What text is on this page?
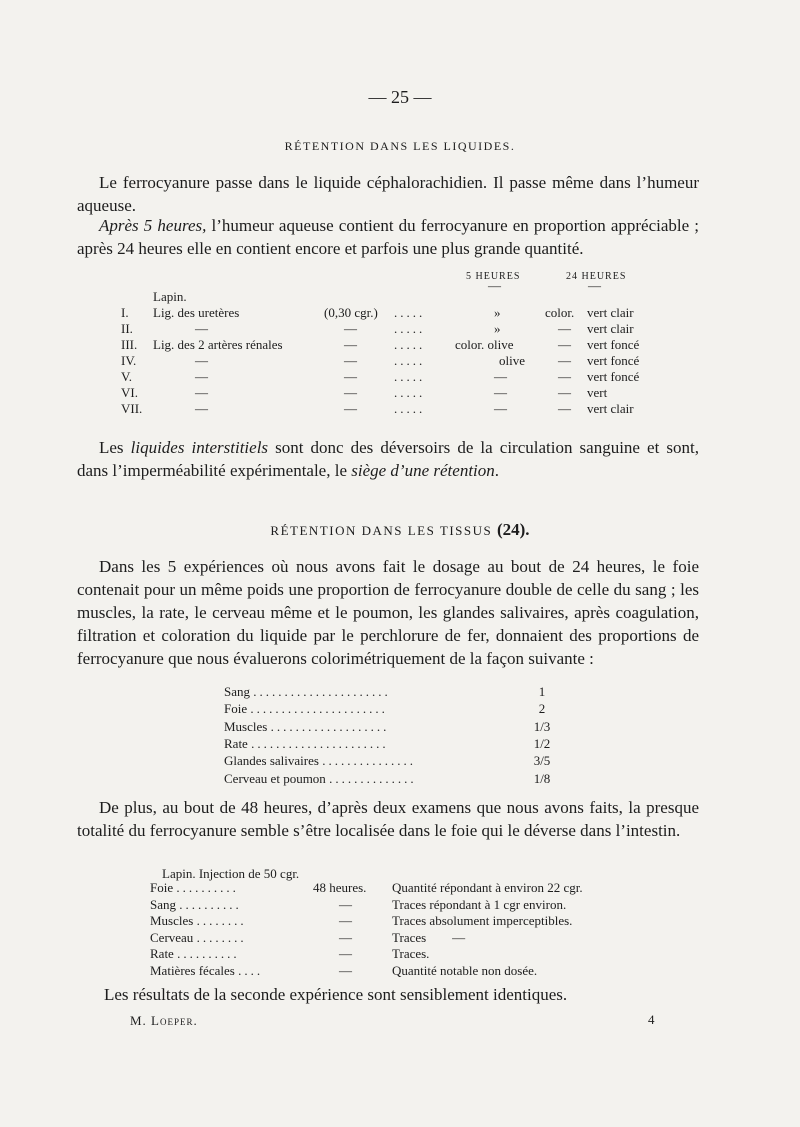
— 25 —
RÉTENTION DANS LES LIQUIDES.
Le ferrocyanure passe dans le liquide céphalorachidien. Il passe même dans l’humeur aqueuse.
Après 5 heures, l’humeur aqueuse contient du ferrocyanure en proportion appréciable ; après 24 heures elle en contient encore et parfois une plus grande quantité.
5 HEURES	24 HEURES
—	—
Lapin.
I. Lig. des uretères	(0,30 cgr.) .....	»	color. vert clair
II.	—	—	.....	»	— vert clair
III. Lig. des 2 artères rénales	—	..... color. olive	— vert foncé
IV.	—	—	.....	olive	— vert foncé
V.	—	—	.....	—	— vert foncé
VI.	—	—	.....	—	— vert
VII.	—	—	.....	—	— vert clair
Les liquides interstitiels sont donc des déversoirs de la circulation sanguine et sont, dans l’imperméabilité expérimentale, le siège d’une rétention.
RÉTENTION DANS LES TISSUS (24).
Dans les 5 expériences où nous avons fait le dosage au bout de 24 heures, le foie contenait pour un même poids une proportion de ferrocyanure double de celle du sang ; les muscles, la rate, le cerveau même et le poumon, les glandes salivaires, après coagulation, filtration et coloration du liquide par le perchlorure de fer, donnaient des proportions de ferrocyanure que nous évaluerons colorimétriquement de la façon suivante :
Sang ......................	1
Foie ......................	2
Muscles ...................	1/3
Rate ......................	1/2
Glandes salivaires ...............	3/5
Cerveau et poumon ..............	1/8
De plus, au bout de 48 heures, d’après deux examens que nous avons faits, la presque totalité du ferrocyanure semble s’être localisée dans le foie qui le déverse dans l’intestin.
Lapin. Injection de 50 cgr.
Foie ..........	48 heures. Quantité répondant à environ 22 cgr.
Sang ..........	—	Traces répondant à 1 cgr environ.
Muscles ........	—	Traces absolument imperceptibles.
Cerveau ........	—	Traces        —
Rate ..........	—	Traces.
Matières fécales ....	—	Quantité notable non dosée.
Les résultats de la seconde expérience sont sensiblement identiques.
M. Loeper.	4
